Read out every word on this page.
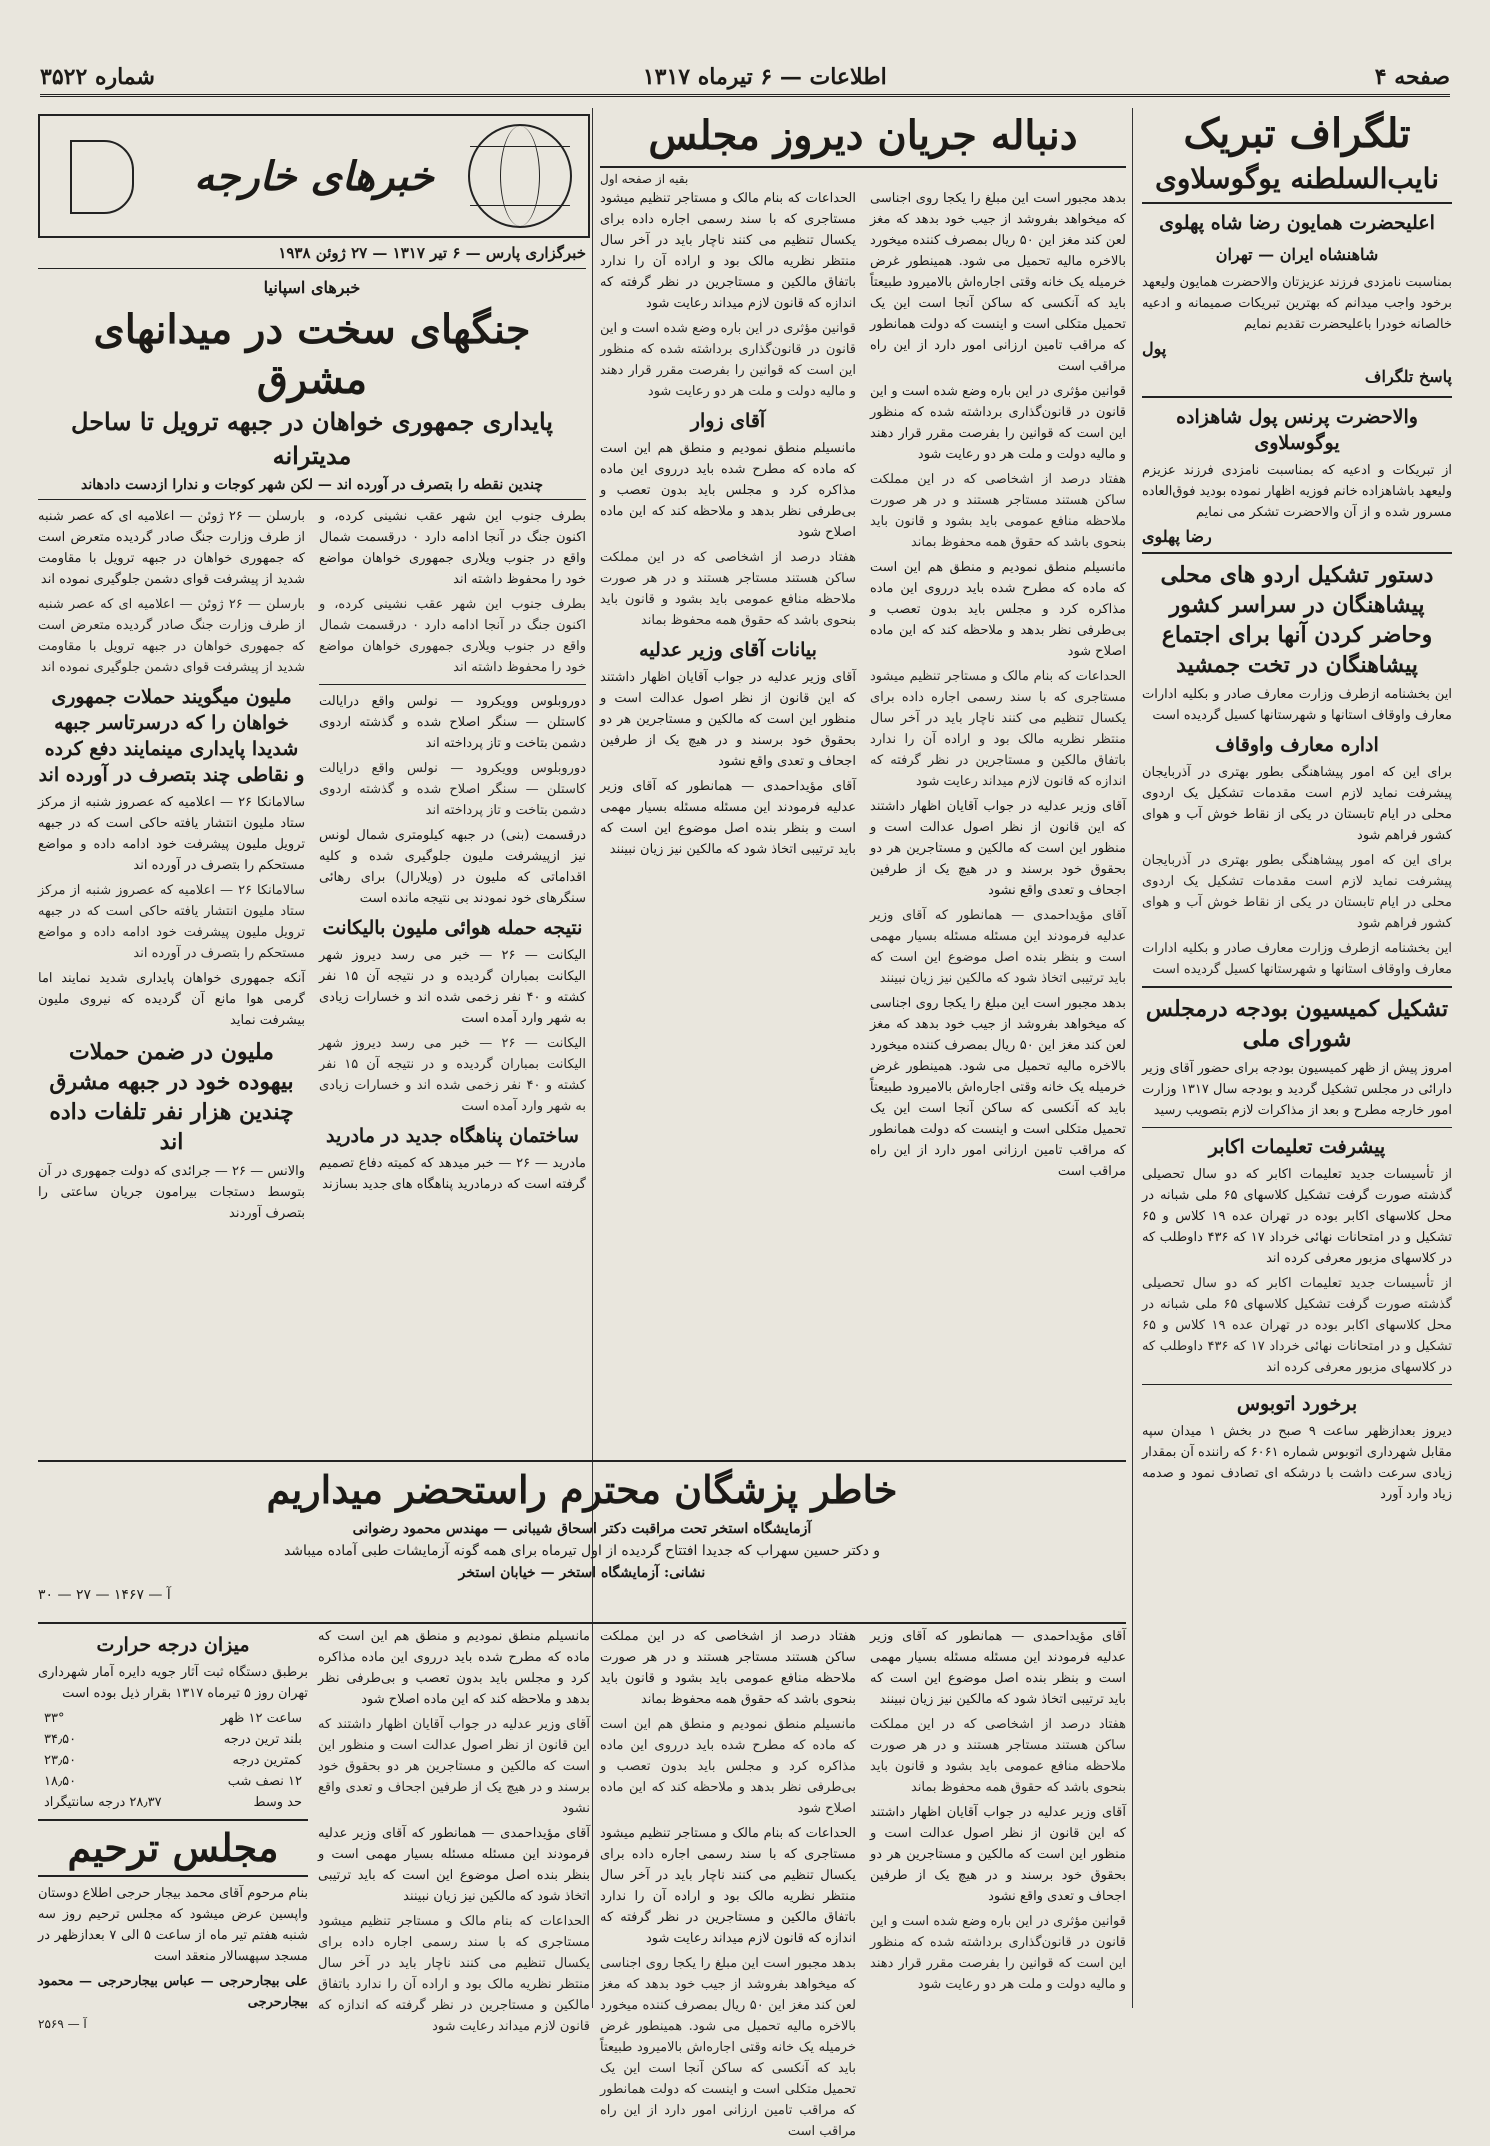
صفحه ۴
اطلاعات — ۶ تیرماه ۱۳۱۷
شماره ۳۵۲۲
تلگراف تبریک
نایب‌السلطنه یوگوسلاوی
اعلیحضرت همایون رضا شاه پهلوی
شاهنشاه ایران — تهران

بمناسبت نامزدی فرزند عزیزتان والاحضرت همایون ولیعهد برخود واجب میدانم که بهترین تبریکات صمیمانه و ادعیه خالصانه خودرا باعلیحضرت تقدیم نمایم

پول
پاسخ تلگراف
والاحضرت پرنس پول شاهزاده یوگوسلاوی

از تبریکات و ادعیه که بمناسبت نامزدی فرزند عزیزم ولیعهد باشاهزاده خانم فوزیه اظهار نموده بودید فوق‌العاده مسرور شده و از آن والاحضرت تشکر می نمایم

رضا پهلوی
دستور تشکیل اردو های محلی پیشاهنگان در سراسر کشور وحاضر کردن آنها برای اجتماع پیشاهنگان در تخت جمشید

این بخشنامه ازطرف وزارت معارف صادر و بکلیه ادارات معارف واوقاف استانها و شهرستانها کسیل گردیده است

اداره معارف واوقاف

برای این که امور پیشاهنگی بطور بهتری در آذربایجان پیشرفت نماید لازم است مقدمات تشکیل یک اردوی محلی در ایام تابستان در یکی از نقاط خوش آب و هوای کشور فراهم شود

برای این که امور پیشاهنگی بطور بهتری در آذربایجان پیشرفت نماید لازم است مقدمات تشکیل یک اردوی محلی در ایام تابستان در یکی از نقاط خوش آب و هوای کشور فراهم شود

این بخشنامه ازطرف وزارت معارف صادر و بکلیه ادارات معارف واوقاف استانها و شهرستانها کسیل گردیده است

تشکیل کمیسیون بودجه درمجلس شورای ملی

امروز پیش از ظهر کمیسیون بودجه برای حضور آقای وزیر دارائی در مجلس تشکیل گردید و بودجه سال ۱۳۱۷ وزارت امور خارجه مطرح و بعد از مذاکرات لازم بتصویب رسید

پیشرفت تعلیمات اکابر

از تأسیسات جدید تعلیمات اکابر که دو سال تحصیلی گذشته صورت گرفت تشکیل کلاسهای ۶۵ ملی شبانه در محل کلاسهای اکابر بوده در تهران عده ۱۹ کلاس و ۶۵ تشکیل و در امتحانات نهائی خرداد ۱۷ که ۴۳۶ داوطلب که در کلاسهای مزبور معرفی کرده اند

از تأسیسات جدید تعلیمات اکابر که دو سال تحصیلی گذشته صورت گرفت تشکیل کلاسهای ۶۵ ملی شبانه در محل کلاسهای اکابر بوده در تهران عده ۱۹ کلاس و ۶۵ تشکیل و در امتحانات نهائی خرداد ۱۷ که ۴۳۶ داوطلب که در کلاسهای مزبور معرفی کرده اند

برخورد اتوبوس

دیروز بعدازظهر ساعت ۹ صبح در بخش ۱ میدان سپه مقابل شهرداری اتوبوس شماره ۶۰۶۱ که راننده آن بمقدار زیادی سرعت داشت با درشکه ای تصادف نمود و صدمه زیاد وارد آورد

دنباله جریان دیروز مجلس
بقیه از صفحه اول

بدهد مجبور است این مبلغ را یکجا روی اجناسی که میخواهد بفروشد از جیب خود بدهد که مغز لعن کند مغز این ۵۰ ریال بمصرف کننده میخورد بالاخره مالیه تحمیل می شود. همینطور غرض خرمیله یک خانه وقتی اجاره‌اش بالامیرود طبیعتاً باید که آنکسی که ساکن آنجا است این یک تحمیل متکلی است و اینست که دولت همانطور که مراقب تامین ارزانی امور دارد از این راه مراقب است

قوانین مؤثری در این باره وضع شده است و این قانون در قانون‌گذاری برداشته شده که منظور این است که قوانین را بفرصت مقرر قرار دهند و مالیه دولت و ملت هر دو رعایت شود

هفتاد درصد از اشخاصی که در این مملکت ساکن هستند مستاجر هستند و در هر صورت ملاحظه منافع عمومی باید بشود و قانون باید بنحوی باشد که حقوق همه محفوظ بماند

مانسیلم منطق نمودیم و منطق هم این است که ماده که مطرح شده باید درروی این ماده مذاکره کرد و مجلس باید بدون تعصب و بی‌طرفی نظر بدهد و ملاحظه کند که این ماده اصلاح شود

الحداعات که بنام مالک و مستاجر تنظیم میشود مستاجری که با سند رسمی اجاره داده برای یکسال تنظیم می کنند ناچار باید در آخر سال منتظر نظریه مالک بود و اراده آن را ندارد باتفاق مالکین و مستاجرین در نظر گرفته که اندازه که قانون لازم میداند رعایت شود

آقای وزیر عدلیه در جواب آقایان اظهار داشتند که این قانون از نظر اصول عدالت است و منظور این است که مالکین و مستاجرین هر دو بحقوق خود برسند و در هیچ یک از طرفین اجحاف و تعدی واقع نشود

آقای مؤیداحمدی — همانطور که آقای وزیر عدلیه فرمودند این مسئله مسئله بسیار مهمی است و بنظر بنده اصل موضوع این است که باید ترتیبی اتخاذ شود که مالکین نیز زیان نبینند

بدهد مجبور است این مبلغ را یکجا روی اجناسی که میخواهد بفروشد از جیب خود بدهد که مغز لعن کند مغز این ۵۰ ریال بمصرف کننده میخورد بالاخره مالیه تحمیل می شود. همینطور غرض خرمیله یک خانه وقتی اجاره‌اش بالامیرود طبیعتاً باید که آنکسی که ساکن آنجا است این یک تحمیل متکلی است و اینست که دولت همانطور که مراقب تامین ارزانی امور دارد از این راه مراقب است

الحداعات که بنام مالک و مستاجر تنظیم میشود مستاجری که با سند رسمی اجاره داده برای یکسال تنظیم می کنند ناچار باید در آخر سال منتظر نظریه مالک بود و اراده آن را ندارد باتفاق مالکین و مستاجرین در نظر گرفته که اندازه که قانون لازم میداند رعایت شود

قوانین مؤثری در این باره وضع شده است و این قانون در قانون‌گذاری برداشته شده که منظور این است که قوانین را بفرصت مقرر قرار دهند و مالیه دولت و ملت هر دو رعایت شود

آقای زوار

مانسیلم منطق نمودیم و منطق هم این است که ماده که مطرح شده باید درروی این ماده مذاکره کرد و مجلس باید بدون تعصب و بی‌طرفی نظر بدهد و ملاحظه کند که این ماده اصلاح شود

هفتاد درصد از اشخاصی که در این مملکت ساکن هستند مستاجر هستند و در هر صورت ملاحظه منافع عمومی باید بشود و قانون باید بنحوی باشد که حقوق همه محفوظ بماند

بیانات آقای وزیر عدلیه

آقای وزیر عدلیه در جواب آقایان اظهار داشتند که این قانون از نظر اصول عدالت است و منظور این است که مالکین و مستاجرین هر دو بحقوق خود برسند و در هیچ یک از طرفین اجحاف و تعدی واقع نشود

آقای مؤیداحمدی — همانطور که آقای وزیر عدلیه فرمودند این مسئله مسئله بسیار مهمی است و بنظر بنده اصل موضوع این است که باید ترتیبی اتخاذ شود که مالکین نیز زیان نبینند

خبرهای خارجه
خبرگزاری پارس — ۶ تیر ۱۳۱۷ — ۲۷ ژوئن ۱۹۳۸
خبرهای اسپانیا
جنگهای سخت در میدانهای مشرق
پایداری جمهوری خواهان در جبهه ترویل تا ساحل مدیترانه
چندین نقطه را بتصرف در آورده اند — لکن شهر کوجات و ندارا ازدست دادهاند

بطرف جنوب این شهر عقب نشینی کرده، و اکنون جنگ در آنجا ادامه دارد ۰ درقسمت شمال واقع در جنوب ویلاری جمهوری خواهان مواضع خود را محفوظ داشته اند

بطرف جنوب این شهر عقب نشینی کرده، و اکنون جنگ در آنجا ادامه دارد ۰ درقسمت شمال واقع در جنوب ویلاری جمهوری خواهان مواضع خود را محفوظ داشته اند

دوروبلوس وویکرود — نولس واقع درایالت کاستلن — سنگر اصلاح شده و گذشته اردوی دشمن بتاخت و تاز پرداخته اند

دوروبلوس وویکرود — نولس واقع درایالت کاستلن — سنگر اصلاح شده و گذشته اردوی دشمن بتاخت و تاز پرداخته اند

درقسمت (بنی) در جبهه کیلومتری شمال لونس نیز ازپیشرفت ملیون جلوگیری شده و کلیه اقداماتی که ملیون در (ویلارال) برای رهائی سنگرهای خود نمودند بی نتیجه مانده است

نتیجه حمله هوائی ملیون بالیکانت

الیکانت — ۲۶ — خبر می رسد دیروز شهر الیکانت بمباران گردیده و در نتیجه آن ۱۵ نفر کشته و ۴۰ نفر زخمی شده اند و خسارات زیادی به شهر وارد آمده است

الیکانت — ۲۶ — خبر می رسد دیروز شهر الیکانت بمباران گردیده و در نتیجه آن ۱۵ نفر کشته و ۴۰ نفر زخمی شده اند و خسارات زیادی به شهر وارد آمده است

ساختمان پناهگاه جدید در مادرید

مادرید — ۲۶ — خبر میدهد که کمیته دفاع تصمیم گرفته است که درمادرید پناهگاه های جدید بسازند

بارسلن — ۲۶ ژوئن — اعلامیه ای که عصر شنبه از طرف وزارت جنگ صادر گردیده متعرض است که جمهوری خواهان در جبهه ترویل با مقاومت شدید از پیشرفت قوای دشمن جلوگیری نموده اند

بارسلن — ۲۶ ژوئن — اعلامیه ای که عصر شنبه از طرف وزارت جنگ صادر گردیده متعرض است که جمهوری خواهان در جبهه ترویل با مقاومت شدید از پیشرفت قوای دشمن جلوگیری نموده اند

ملیون میگویند حملات جمهوری خواهان را که درسرتاسر جبهه شدیدا پایداری مینمایند دفع کرده و نقاطی چند بتصرف در آورده اند

سالامانکا ۲۶ — اعلامیه که عصروز شنبه از مرکز ستاد ملیون انتشار یافته حاکی است که در جبهه ترویل ملیون پیشرفت خود ادامه داده و مواضع مستحکم را بتصرف در آورده اند

سالامانکا ۲۶ — اعلامیه که عصروز شنبه از مرکز ستاد ملیون انتشار یافته حاکی است که در جبهه ترویل ملیون پیشرفت خود ادامه داده و مواضع مستحکم را بتصرف در آورده اند

آنکه جمهوری خواهان پایداری شدید نمایند اما گرمی هوا مانع آن گردیده که نیروی ملیون بیشرفت نماید

ملیون در ضمن حملات بیهوده خود در جبهه مشرق چندین هزار نفر تلفات داده اند

والانس — ۲۶ — جرائدی که دولت جمهوری در آن بتوسط دستجات بیرامون جریان ساعتی را بتصرف آوردند

خاطر پزشگان محترم راستحضر میداریم
آزمایشگاه استخر تحت مراقبت دکتر اسحاق شیبانی — مهندس محمود رضوانی
و دکتر حسین سهراب که جدیدا افتتاح گردیده از اول تیرماه برای همه گونه آزمایشات طبی آماده میباشد
نشانی: آزمایشگاه استخر — خیابان استخر
آ — ۱۴۶۷ — ۲۷ — ۳۰

آقای مؤیداحمدی — همانطور که آقای وزیر عدلیه فرمودند این مسئله مسئله بسیار مهمی است و بنظر بنده اصل موضوع این است که باید ترتیبی اتخاذ شود که مالکین نیز زیان نبینند

هفتاد درصد از اشخاصی که در این مملکت ساکن هستند مستاجر هستند و در هر صورت ملاحظه منافع عمومی باید بشود و قانون باید بنحوی باشد که حقوق همه محفوظ بماند

آقای وزیر عدلیه در جواب آقایان اظهار داشتند که این قانون از نظر اصول عدالت است و منظور این است که مالکین و مستاجرین هر دو بحقوق خود برسند و در هیچ یک از طرفین اجحاف و تعدی واقع نشود

قوانین مؤثری در این باره وضع شده است و این قانون در قانون‌گذاری برداشته شده که منظور این است که قوانین را بفرصت مقرر قرار دهند و مالیه دولت و ملت هر دو رعایت شود

هفتاد درصد از اشخاصی که در این مملکت ساکن هستند مستاجر هستند و در هر صورت ملاحظه منافع عمومی باید بشود و قانون باید بنحوی باشد که حقوق همه محفوظ بماند

مانسیلم منطق نمودیم و منطق هم این است که ماده که مطرح شده باید درروی این ماده مذاکره کرد و مجلس باید بدون تعصب و بی‌طرفی نظر بدهد و ملاحظه کند که این ماده اصلاح شود

الحداعات که بنام مالک و مستاجر تنظیم میشود مستاجری که با سند رسمی اجاره داده برای یکسال تنظیم می کنند ناچار باید در آخر سال منتظر نظریه مالک بود و اراده آن را ندارد باتفاق مالکین و مستاجرین در نظر گرفته که اندازه که قانون لازم میداند رعایت شود

بدهد مجبور است این مبلغ را یکجا روی اجناسی که میخواهد بفروشد از جیب خود بدهد که مغز لعن کند مغز این ۵۰ ریال بمصرف کننده میخورد بالاخره مالیه تحمیل می شود. همینطور غرض خرمیله یک خانه وقتی اجاره‌اش بالامیرود طبیعتاً باید که آنکسی که ساکن آنجا است این یک تحمیل متکلی است و اینست که دولت همانطور که مراقب تامین ارزانی امور دارد از این راه مراقب است

میزان درجه حرارت

برطبق دستگاه ثبت آثار جویه دایره آمار شهرداری تهران روز ۵ تیرماه ۱۳۱۷ بقرار ذیل بوده است

ساعت ۱۲ ظهر
۳۳°
بلند ترین درجه
۳۴٫۵۰
کمترین درجه
۲۳٫۵۰
۱۲ نصف شب
۱۸٫۵۰
حد وسط
۲۸٫۳۷ درجه سانتیگراد
مجلس ترحیم

بنام مرحوم آقای محمد بیجار حرجی اطلاع دوستان واپسین عرض میشود که مجلس ترحیم روز سه شنبه هفتم تیر ماه از ساعت ۵ الی ۷ بعدازظهر در مسجد سپهسالار منعقد است

علی بیجارحرجی — عباس بیجارحرجی — محمود بیجارحرجی

آ — ۲۵۶۹

مانسیلم منطق نمودیم و منطق هم این است که ماده که مطرح شده باید درروی این ماده مذاکره کرد و مجلس باید بدون تعصب و بی‌طرفی نظر بدهد و ملاحظه کند که این ماده اصلاح شود

آقای وزیر عدلیه در جواب آقایان اظهار داشتند که این قانون از نظر اصول عدالت است و منظور این است که مالکین و مستاجرین هر دو بحقوق خود برسند و در هیچ یک از طرفین اجحاف و تعدی واقع نشود

آقای مؤیداحمدی — همانطور که آقای وزیر عدلیه فرمودند این مسئله مسئله بسیار مهمی است و بنظر بنده اصل موضوع این است که باید ترتیبی اتخاذ شود که مالکین نیز زیان نبینند

الحداعات که بنام مالک و مستاجر تنظیم میشود مستاجری که با سند رسمی اجاره داده برای یکسال تنظیم می کنند ناچار باید در آخر سال منتظر نظریه مالک بود و اراده آن را ندارد باتفاق مالکین و مستاجرین در نظر گرفته که اندازه که قانون لازم میداند رعایت شود
